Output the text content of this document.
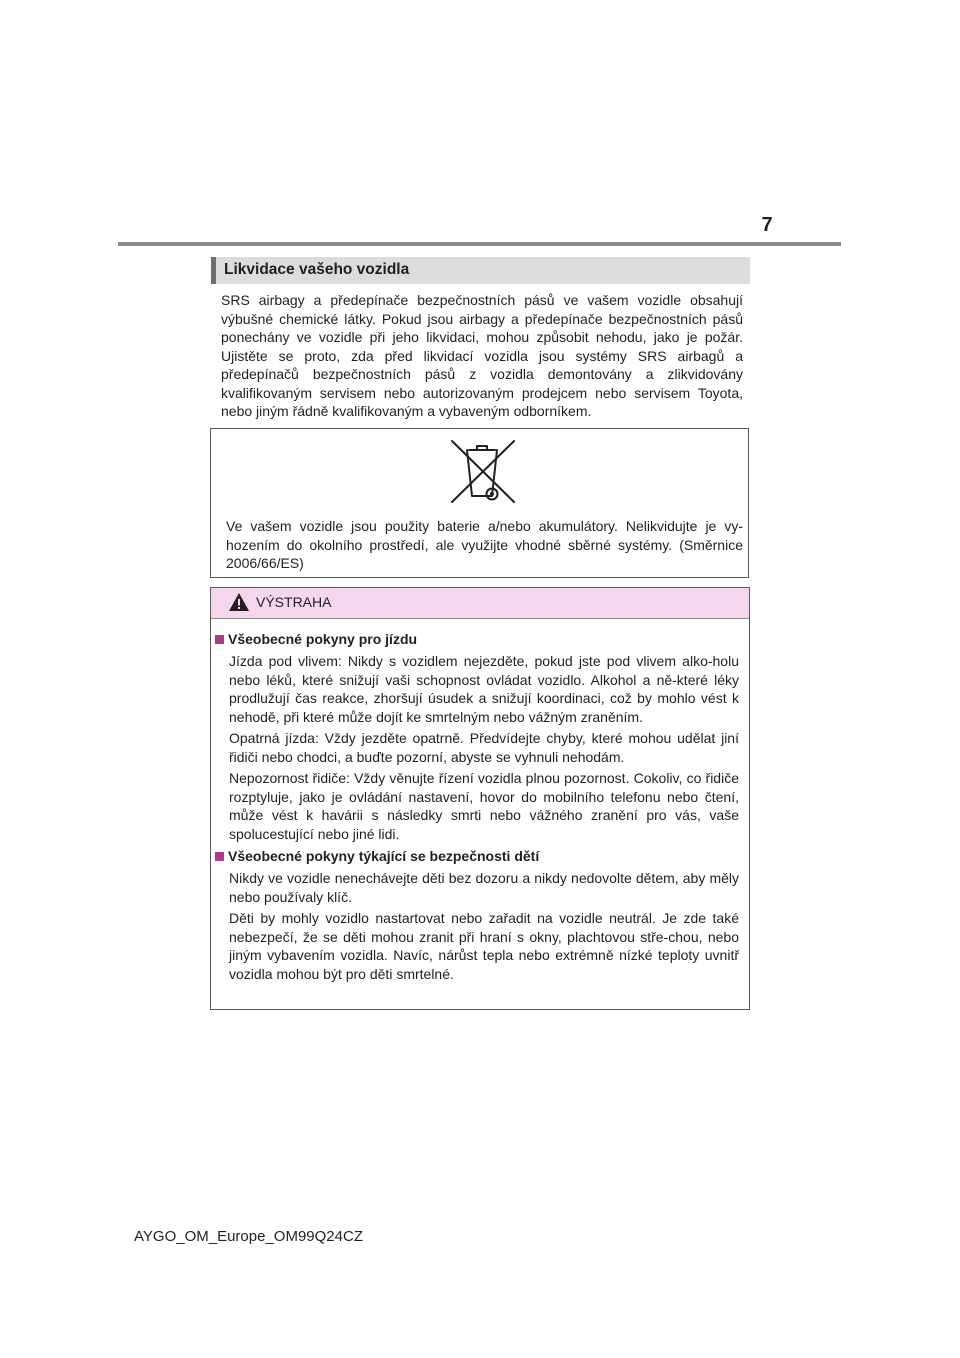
7
Likvidace vašeho vozidla

SRS airbagy a předepínače bezpečnostních pásů ve vašem vozidle obsahují výbušné chemické látky. Pokud jsou airbagy a předepínače bezpečnostních pásů ponechány ve vozidle při jeho likvidaci, mohou způsobit nehodu, jako je požár. Ujistěte se proto, zda před likvidací vozidla jsou systémy SRS airbagů a předepínačů bezpečnostních pásů z vozidla demontovány a zlikvidovány kvalifikovaným servisem nebo autorizovaným prodejcem nebo servisem Toyota, nebo jiným řádně kvalifikovaným a vybaveným odborníkem.

Ve vašem vozidle jsou použity baterie a/nebo akumulátory. Nelikvidujte je vy-hozením do okolního prostředí, ale využijte vhodné sběrné systémy. (Směrnice 2006/66/ES)

VÝSTRAHA
Všeobecné pokyny pro jízdu

Jízda pod vlivem: Nikdy s vozidlem nejezděte, pokud jste pod vlivem alko-holu nebo léků, které snižují vaši schopnost ovládat vozidlo. Alkohol a ně-které léky prodlužují čas reakce, zhoršují úsudek a snižují koordinaci, což by mohlo vést k nehodě, při které může dojít ke smrtelným nebo vážným zraněním.

Opatrná jízda: Vždy jezděte opatrně. Předvídejte chyby, které mohou udělat jiní řidiči nebo chodci, a buďte pozorní, abyste se vyhnuli nehodám.

Nepozornost řidiče: Vždy věnujte řízení vozidla plnou pozornost. Cokoliv, co řidiče rozptyluje, jako je ovládání nastavení, hovor do mobilního telefonu nebo čtení, může vést k havárii s následky smrti nebo vážného zranění pro vás, vaše spolucestující nebo jiné lidi.

Všeobecné pokyny týkající se bezpečnosti dětí

Nikdy ve vozidle nenechávejte děti bez dozoru a nikdy nedovolte dětem, aby měly nebo používaly klíč.

Děti by mohly vozidlo nastartovat nebo zařadit na vozidle neutrál. Je zde také nebezpečí, že se děti mohou zranit při hraní s okny, plachtovou stře-chou, nebo jiným vybavením vozidla. Navíc, nárůst tepla nebo extrémně nízké teploty uvnitř vozidla mohou být pro děti smrtelné.

AYGO_OM_Europe_OM99Q24CZ
